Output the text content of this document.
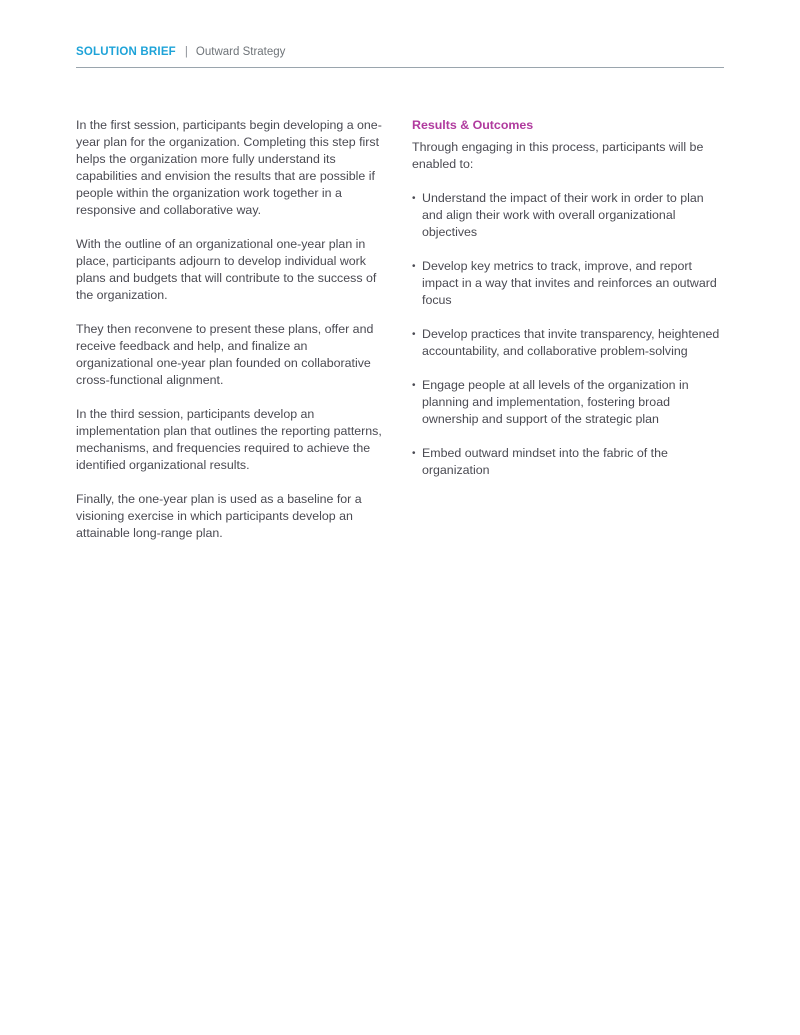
SOLUTION BRIEF | Outward Strategy

In the first session, participants begin developing a one-year plan for the organization. Completing this step first helps the organization more fully understand its capabilities and envision the results that are possible if people within the organization work together in a responsive and collaborative way.

With the outline of an organizational one-year plan in place, participants adjourn to develop individual work plans and budgets that will contribute to the success of the organization.

They then reconvene to present these plans, offer and receive feedback and help, and finalize an organizational one-year plan founded on collaborative cross-functional alignment.

In the third session, participants develop an implementation plan that outlines the reporting patterns, mechanisms, and frequencies required to achieve the identified organizational results.

Finally, the one-year plan is used as a baseline for a visioning exercise in which participants develop an attainable long-range plan.

Results & Outcomes

Through engaging in this process, participants will be enabled to:

• Understand the impact of their work in order to plan and align their work with overall organizational objectives
• Develop key metrics to track, improve, and report impact in a way that invites and reinforces an outward focus
• Develop practices that invite transparency, heightened accountability, and collaborative problem-solving
• Engage people at all levels of the organization in planning and implementation, fostering broad ownership and support of the strategic plan
• Embed outward mindset into the fabric of the organization
